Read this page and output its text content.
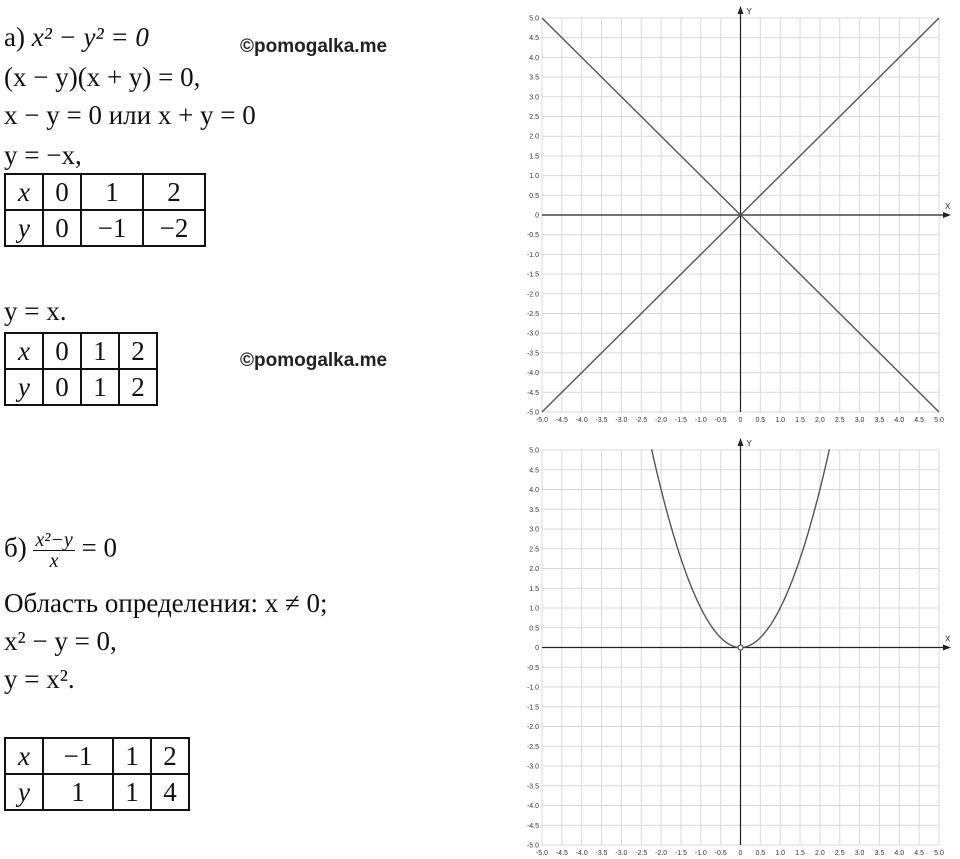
а) x² − y² = 0	©pomogalka.me
(x − y)(x + y) = 0,
x − y = 0 или x + y = 0
y = −x,
x	0	1	2
y	0	−1	−2
y = x.
©pomogalka.me
x	0	1	2
y	0	1	2
$б) \frac{\text{x²−y}}{x} = 0$
Область определения: x ≠ 0;
x² − y = 0,
y = x².
x	−1	1	2
y	1	1	4
-5.0
-5.0
-4.5
-4.5
-4.0
-4.0
-3.5
-3.5
-3.0
-3.0
-2.5
-2.5
-2.0
-2.0
-1.5
-1.5
-1.0
-1.0
-0.5
-0.5
0
0
0.5
0.5
1.0
1.0
1.5
1.5
2.0
2.0
2.5
2.5
3.0
3.0
3.5
3.5
4.0
4.0
4.5
4.5
5.0
5.0
X
Y
-5.0
-5.0
-4.5
-4.5
-4.0
-4.0
-3.5
-3.5
-3.0
-3.0
-2.5
-2.5
-2.0
-2.0
-1.5
-1.5
-1.0
-1.0
-0.5
-0.5
0
0
0.5
0.5
1.0
1.0
1.5
1.5
2.0
2.0
2.5
2.5
3.0
3.0
3.5
3.5
4.0
4.0
4.5
4.5
5.0
5.0
X
Y
